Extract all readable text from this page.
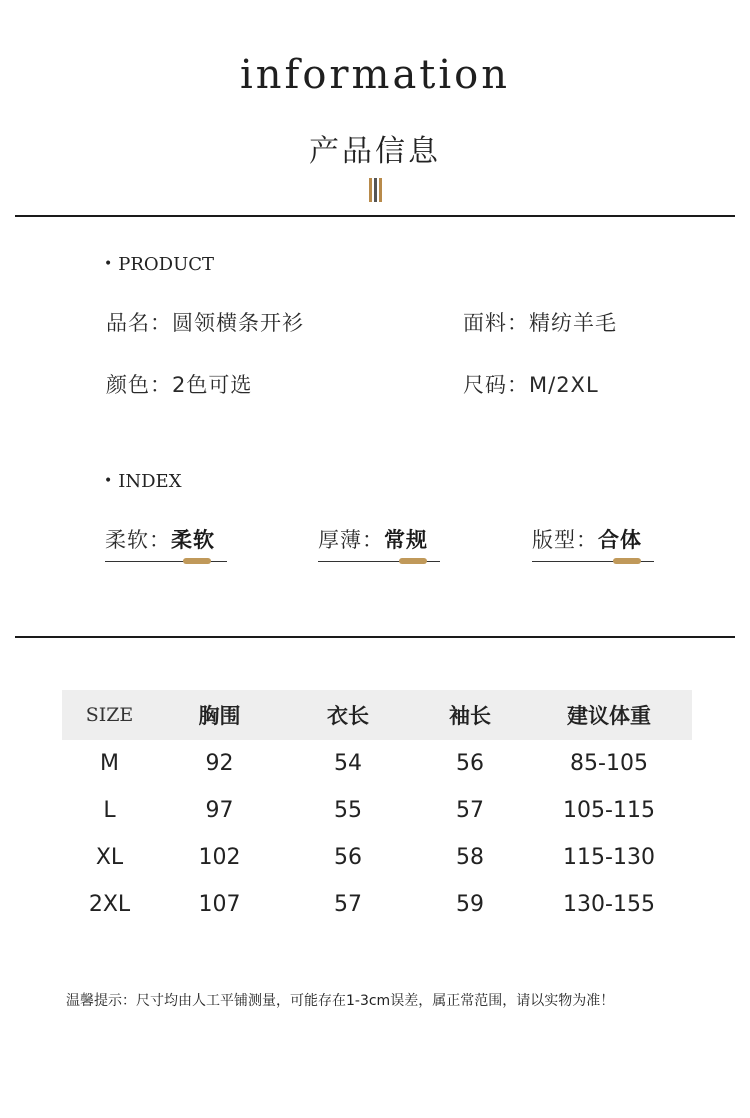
information
产品信息
• PRODUCT
品名：圆领横条开衫	面料：精纺羊毛
颜色：2色可选	尺码：M/2XL
• INDEX
柔软：柔软	厚薄：常规	版型：合体
SIZE	胸围	衣长	袖长	建议体重
M	92	54	56	85-105
L	97	55	57	105-115
XL	102	56	58	115-130
2XL	107	57	59	130-155
温馨提示：尺寸均由人工平铺测量，可能存在1-3cm误差，属正常范围，请以实物为准！
